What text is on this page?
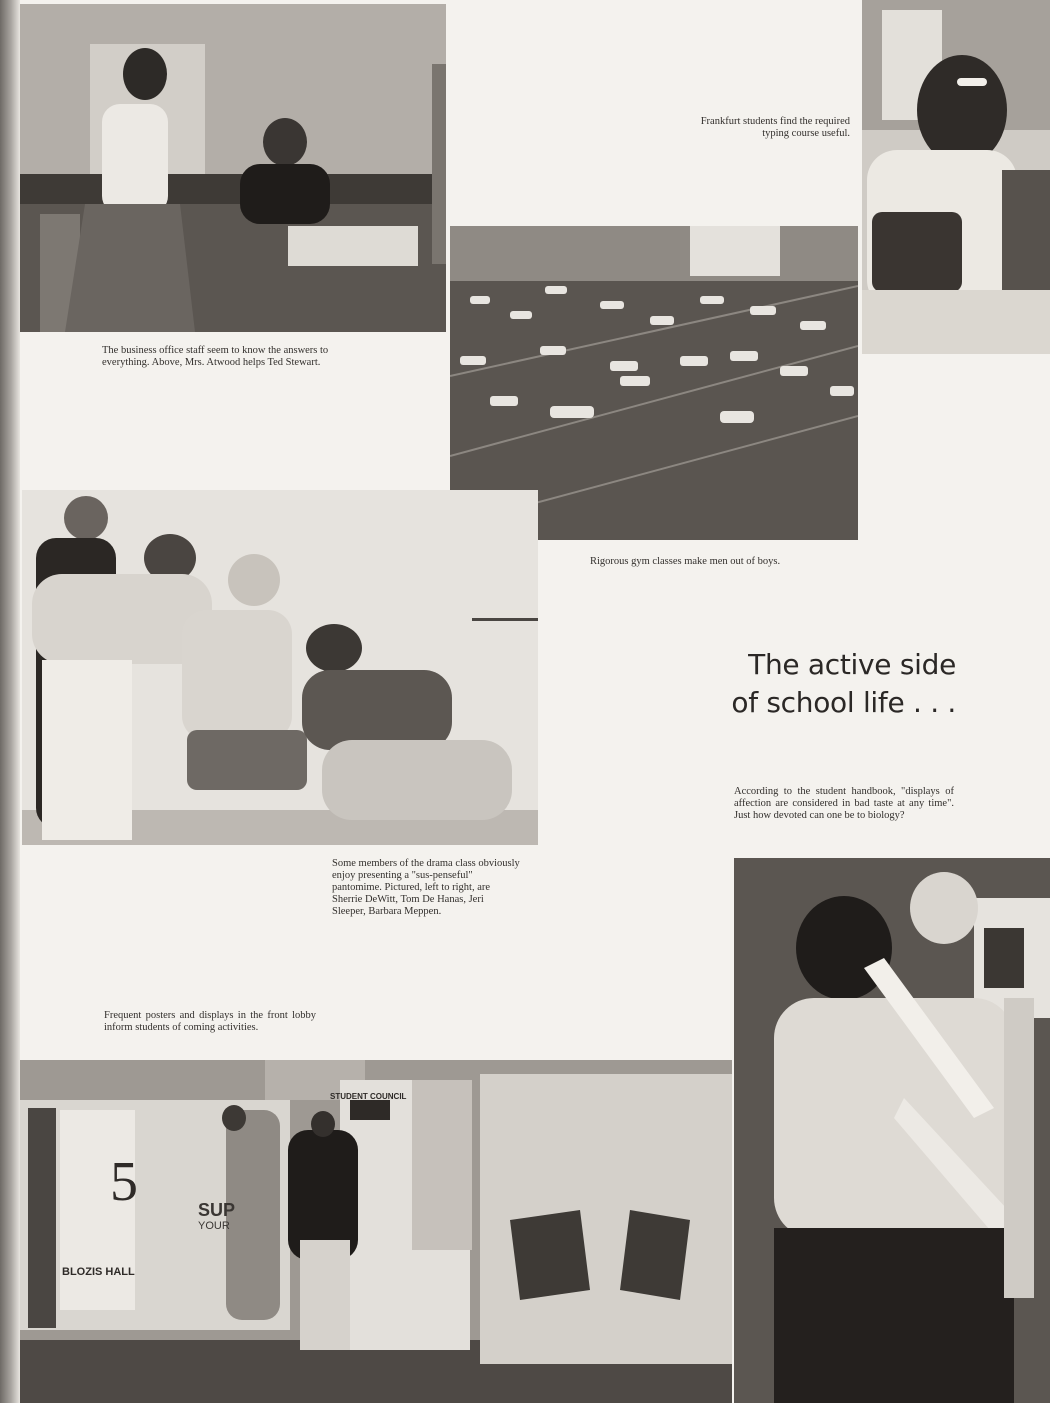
The business office staff seem to know the answers to everything. Above, Mrs. Atwood helps Ted Stewart.
Frankfurt students find the required typing course useful.
Rigorous gym classes make men out of boys.
Some members of the drama class obviously enjoy presenting a "sus-penseful" pantomime. Pictured, left to right, are Sherrie DeWitt, Tom De Hanas, Jeri Sleeper, Barbara Meppen.
The active side
of school life . . .
According to the student handbook, "displays of affection are considered in bad taste at any time". Just how devoted can one be to biology?
Frequent posters and displays in the front lobby inform students of coming activities.
SUP
YOUR
5
STUDENT COUNCIL
BLOZIS HALL
